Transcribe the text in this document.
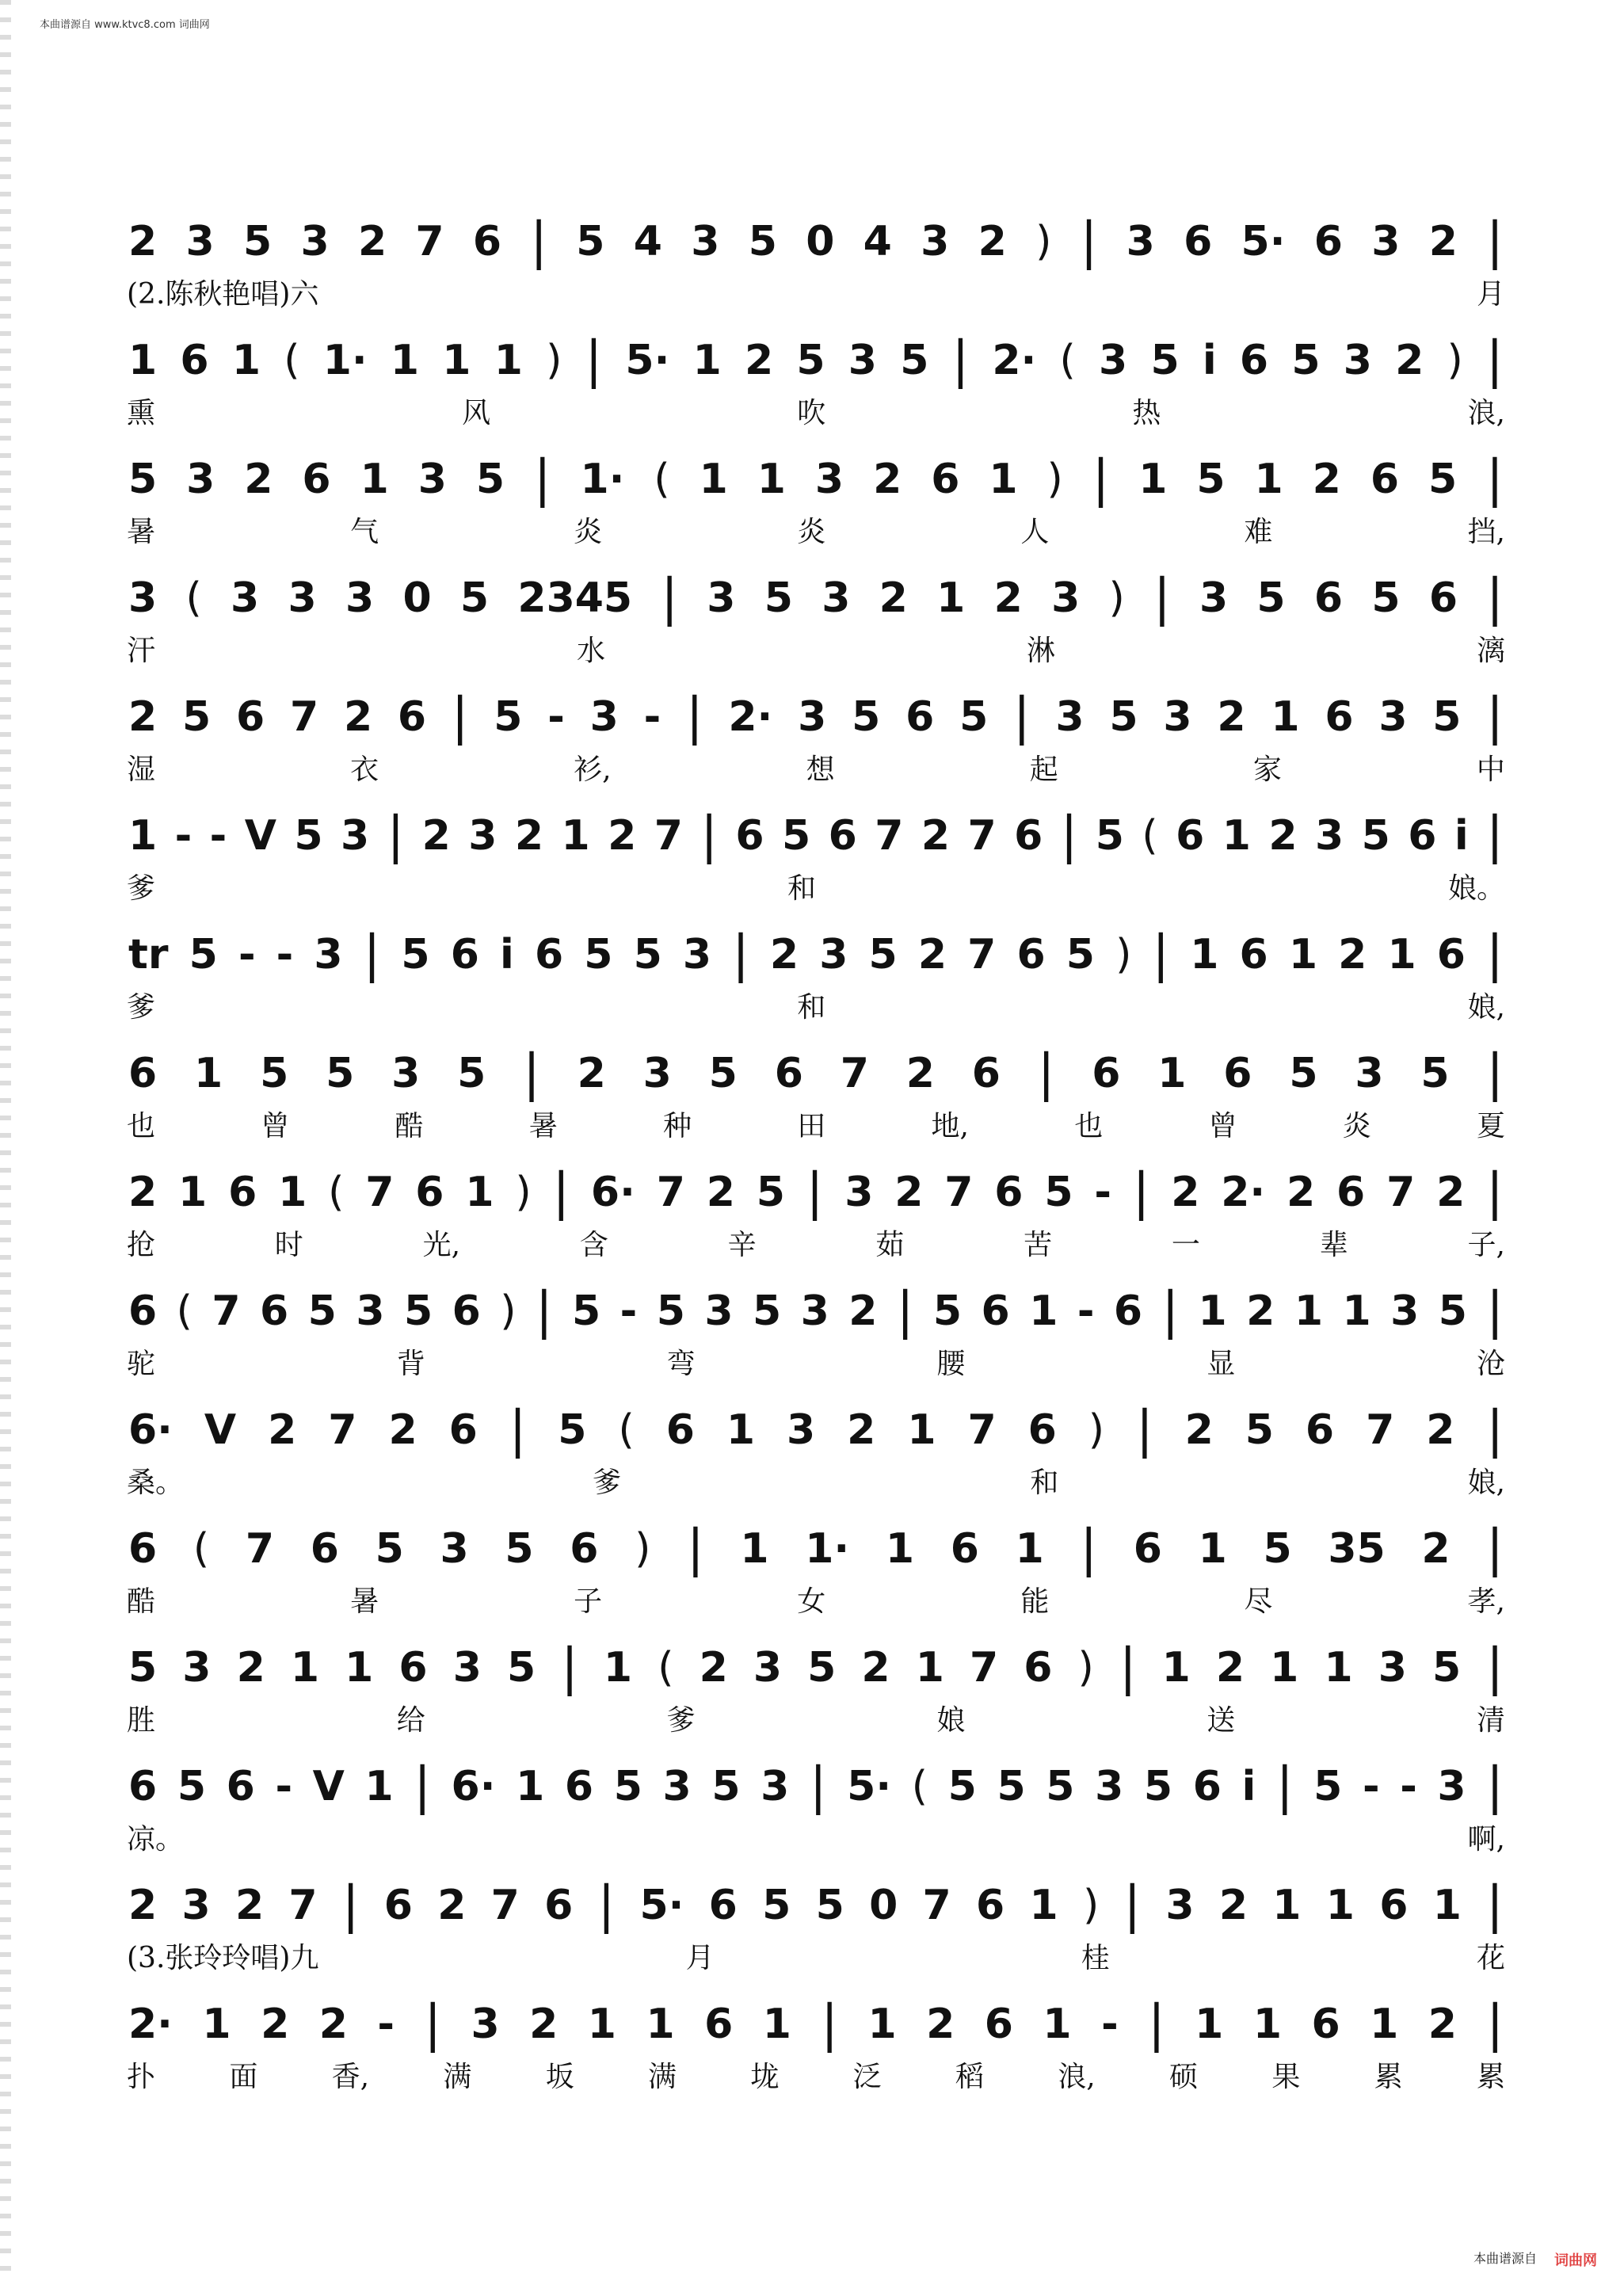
本曲谱源自 www.ktvc8.com 词曲网
2 3 5 3 2 7 6 | 5 4 3 5 0 4 3 2 ) | 3 6 5· 6 3 2 |
(2.陈秋艳唱)六	月
1 6 1 ( 1· 1 1 1 ) | 5· 1 2 5 3 5 | 2· ( 3 5 i 6 5 3 2 ) |
熏	风	吹	热	浪,
5 3 2 6 1 3 5 | 1· ( 1 1 3 2 6 1 ) | 1 5 1 2 6 5 |
暑	气	炎	炎	人	难	挡,
3 ( 3 3 3 0 5 2345 | 3 5 3 2 1 2 3 ) | 3 5 6 5 6 |
汗	水	淋	漓
2 5 6 7 2 6 | 5 - 3 - | 2· 3 5 6 5 | 3 5 3 2 1 6 3 5 |
湿	衣	衫,	想	起	家	中
1 - - V 5 3 | 2 3 2 1 2 7 | 6 5 6 7 2 7 6 | 5 ( 6 1 2 3 5 6 i |
爹	和	娘。
tr 5 - - 3 | 5 6 i 6 5 5 3 | 2 3 5 2 7 6 5 ) | 1 6 1 2 1 6 |
爹	和	娘,
6 1 5 5 3 5 | 2 3 5 6 7 2 6 | 6 1 6 5 3 5 |
也	曾	酷	暑	种	田	地,	也	曾	炎	夏
2 1 6 1 ( 7 6 1 ) | 6· 7 2 5 | 3 2 7 6 5 - | 2 2· 2 6 7 2 |
抢	时	光,	含	辛	茹	苦	一	辈	子,
6 ( 7 6 5 3 5 6 ) | 5 - 5 3 5 3 2 | 5 6 1 - 6 | 1 2 1 1 3 5 |
驼	背	弯	腰	显	沧
6· V 2 7 2 6 | 5 ( 6 1 3 2 1 7 6 ) | 2 5 6 7 2 |
桑。	爹	和	娘,
6 ( 7 6 5 3 5 6 ) | 1 1· 1 6 1 | 6 1 5 35 2 |
酷	暑	子	女	能	尽	孝,
5 3 2 1 1 6 3 5 | 1 ( 2 3 5 2 1 7 6 ) | 1 2 1 1 3 5 |
胜	给	爹	娘	送	清
6 5 6 - V 1 | 6· 1 6 5 3 5 3 | 5· ( 5 5 5 3 5 6 i | 5 - - 3 |
凉。	啊,
2 3 2 7 | 6 2 7 6 | 5· 6 5 5 0 7 6 1 ) | 3 2 1 1 6 1 |
(3.张玲玲唱)九	月	桂	花
2· 1 2 2 - | 3 2 1 1 6 1 | 1 2 6 1 - | 1 1 6 1 2 |
扑	面	香,	满	坂	满	垅	泛	稻	浪,	硕	果	累	累
本曲谱源自 词曲网
